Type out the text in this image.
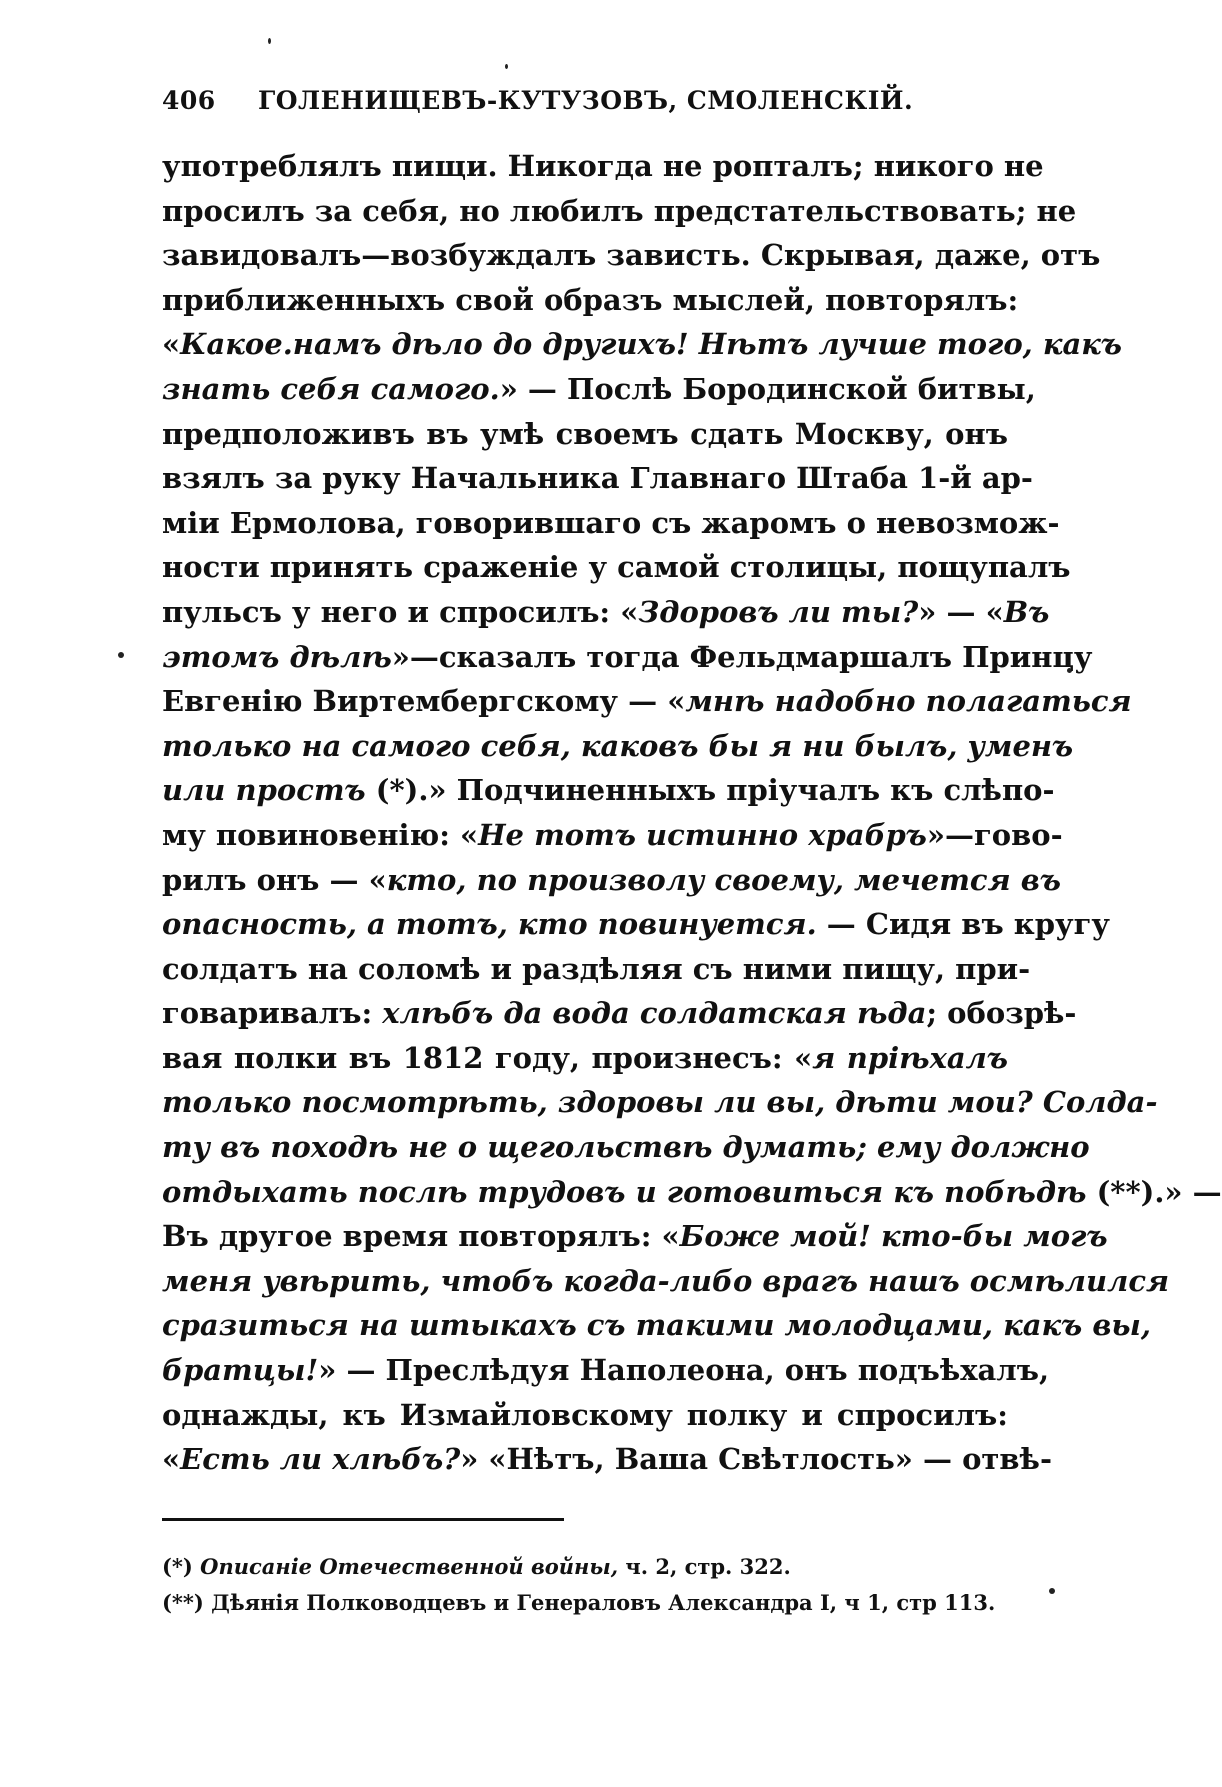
406	ГОЛЕНИЩЕВЪ-КУТУЗОВЪ, СМОЛЕНСКІЙ.
употреблялъ пищи. Никогда не ропталъ; никого не
просилъ за себя, но любилъ предстательствовать; не
завидовалъ—возбуждалъ зависть. Скрывая, даже, отъ
приближенныхъ свой образъ мыслей, повторялъ:
«Какое.намъ дѣло до другихъ! Нѣтъ лучше того, какъ
знать себя самого.» — Послѣ Бородинской битвы,
предположивъ въ умѣ своемъ сдать Москву, онъ
взялъ за руку Начальника Главнаго Штаба 1-й ар-
міи Ермолова, говорившаго съ жаромъ о невозмож-
ности принять сраженіе у самой столицы, пощупалъ
пульсъ у него и спросилъ: «Здоровъ ли ты?» — «Въ
этомъ дѣлѣ»—сказалъ тогда Фельдмаршалъ Принцу
Евгенію Виртембергскому — «мнѣ надобно полагаться
только на самого себя, каковъ бы я ни былъ, уменъ
или простъ (*).» Подчиненныхъ пріучалъ къ слѣпо-
му повиновенію: «Не тотъ истинно храбръ»—гово-
рилъ онъ — «кто, по произволу своему, мечется въ
опасность, а тотъ, кто повинуется. — Сидя въ кругу
солдатъ на соломѣ и раздѣляя съ ними пищу, при-
говаривалъ: хлѣбъ да вода солдатская ѣда; обозрѣ-
вая полки въ 1812 году, произнесъ: «я пріѣхалъ
только посмотрѣть, здоровы ли вы, дѣти мои? Солда-
ту въ походѣ не о щегольствѣ думать; ему должно
отдыхать послѣ трудовъ и готовиться къ побѣдѣ (**).» —
Въ другое время повторялъ: «Боже мой! кто-бы могъ
меня увѣрить, чтобъ когда-либо врагъ нашъ осмѣлился
сразиться на штыкахъ съ такими молодцами, какъ вы,
братцы!» — Преслѣдуя Наполеона, онъ подъѣхалъ,
однажды, къ Измайловскому полку и спросилъ:
«Есть ли хлѣбъ?» «Нѣтъ, Ваша Свѣтлость» — отвѣ-
(*) Описаніе Отечественной войны, ч. 2, стр. 322.
(**) Дѣянія Полководцевъ и Генераловъ Александра I, ч 1, стр 113.
